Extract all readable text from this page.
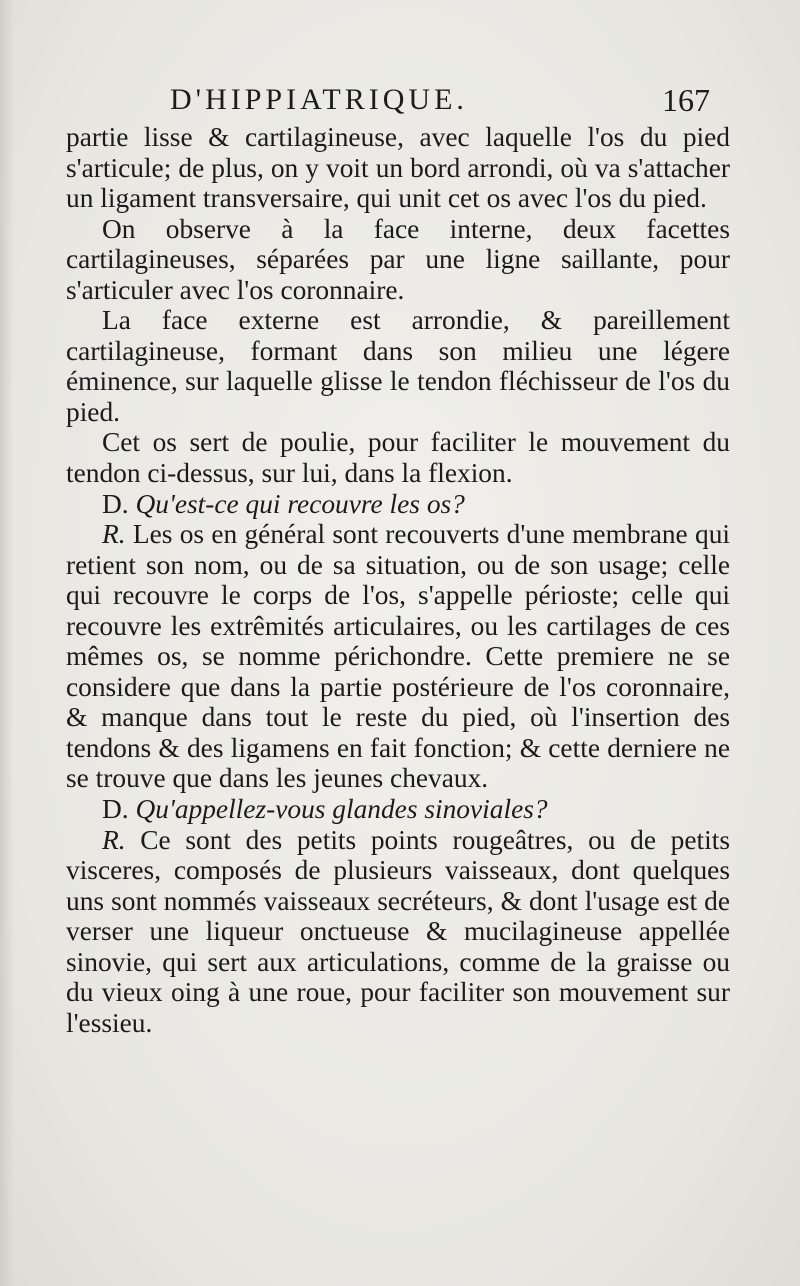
D'HIPPIATRIQUE.	167

partie lisse & cartilagineuse, avec laquelle l'os du pied s'articule; de plus, on y voit un bord arrondi, où va s'attacher un ligament transversaire, qui unit cet os avec l'os du pied.

On observe à la face interne, deux facettes cartilagineuses, séparées par une ligne saillante, pour s'articuler avec l'os coronnaire.

La face externe est arrondie, & pareillement cartilagineuse, formant dans son milieu une légere éminence, sur laquelle glisse le tendon fléchisseur de l'os du pied.

Cet os sert de poulie, pour faciliter le mouvement du tendon ci-dessus, sur lui, dans la flexion.

D. Qu'est-ce qui recouvre les os?

R. Les os en général sont recouverts d'une membrane qui retient son nom, ou de sa situation, ou de son usage; celle qui recouvre le corps de l'os, s'appelle périoste; celle qui recouvre les extrêmités articulaires, ou les cartilages de ces mêmes os, se nomme périchondre. Cette premiere ne se considere que dans la partie postérieure de l'os coronnaire, & manque dans tout le reste du pied, où l'insertion des tendons & des ligamens en fait fonction; & cette derniere ne se trouve que dans les jeunes chevaux.

D. Qu'appellez-vous glandes sinoviales?

R. Ce sont des petits points rougeâtres, ou de petits visceres, composés de plusieurs vaisseaux, dont quelques uns sont nommés vaisseaux secréteurs, & dont l'usage est de verser une liqueur onctueuse & mucilagineuse appellée sinovie, qui sert aux articulations, comme de la graisse ou du vieux oing à une roue, pour faciliter son mouvement sur l'essieu.
